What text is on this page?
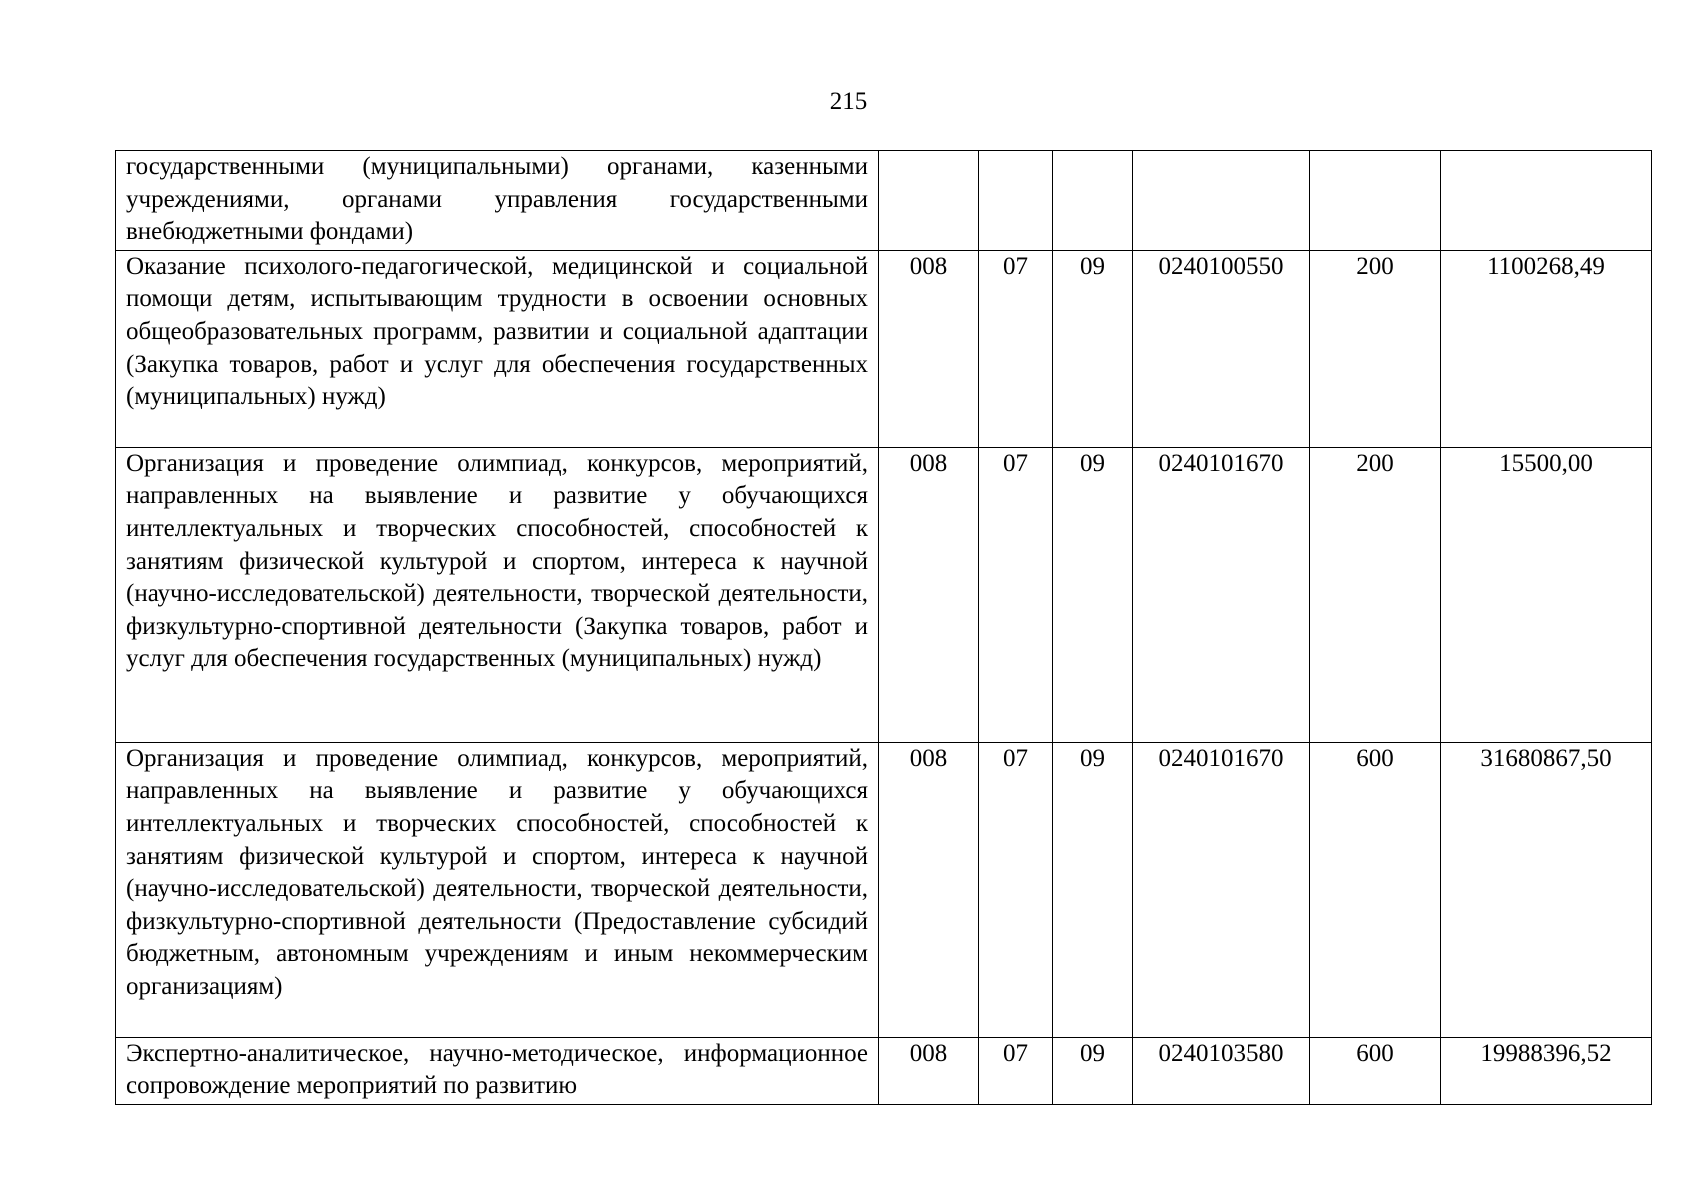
215
государственными (муниципальными) органами, казенными учреждениями, органами управления государственными внебюджетными фондами)						
Оказание психолого-педагогической, медицинской и социальной помощи детям, испытывающим трудности в освоении основных общеобразовательных программ, развитии и социальной адаптации (Закупка товаров, работ и услуг для обеспечения государственных (муниципальных) нужд)	008	07	09	0240100550	200	1100268,49
Организация и проведение олимпиад, конкурсов, мероприятий, направленных на выявление и развитие у обучающихся интеллектуальных и творческих способностей, способностей к занятиям физической культурой и спортом, интереса к научной (научно-исследовательской) деятельности, творческой деятельности, физкультурно-спортивной деятельности (Закупка товаров, работ и услуг для обеспечения государственных (муниципальных) нужд)	008	07	09	0240101670	200	15500,00
Организация и проведение олимпиад, конкурсов, мероприятий, направленных на выявление и развитие у обучающихся интеллектуальных и творческих способностей, способностей к занятиям физической культурой и спортом, интереса к научной (научно-исследовательской) деятельности, творческой деятельности, физкультурно-спортивной деятельности (Предоставление субсидий бюджетным, автономным учреждениям и иным некоммерческим организациям)	008	07	09	0240101670	600	31680867,50
Экспертно-аналитическое, научно-методическое, информационное сопровождение мероприятий по развитию	008	07	09	0240103580	600	19988396,52
